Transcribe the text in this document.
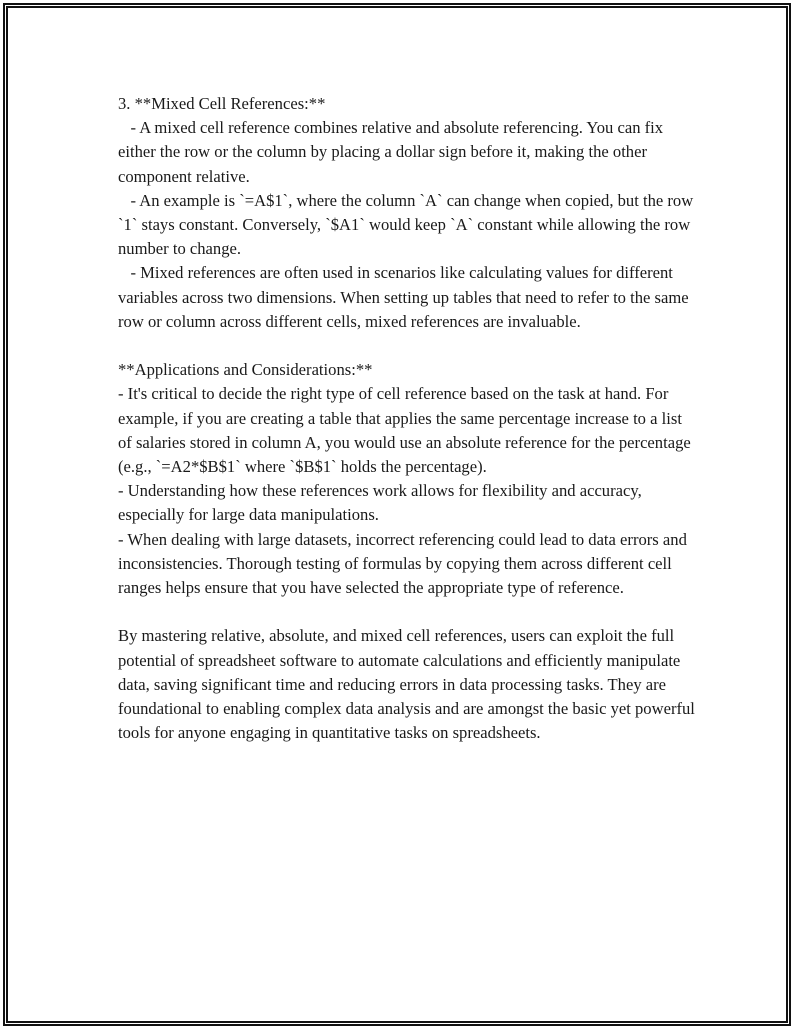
3. **Mixed Cell References:**
- A mixed cell reference combines relative and absolute referencing. You can fix either the row or the column by placing a dollar sign before it, making the other component relative.
- An example is `=A$1`, where the column `A` can change when copied, but the row `1` stays constant. Conversely, `$A1` would keep `A` constant while allowing the row number to change.
- Mixed references are often used in scenarios like calculating values for different variables across two dimensions. When setting up tables that need to refer to the same row or column across different cells, mixed references are invaluable.

**Applications and Considerations:**
- It's critical to decide the right type of cell reference based on the task at hand. For example, if you are creating a table that applies the same percentage increase to a list of salaries stored in column A, you would use an absolute reference for the percentage (e.g., `=A2*$B$1` where `$B$1` holds the percentage).
- Understanding how these references work allows for flexibility and accuracy, especially for large data manipulations.
- When dealing with large datasets, incorrect referencing could lead to data errors and inconsistencies. Thorough testing of formulas by copying them across different cell ranges helps ensure that you have selected the appropriate type of reference.

By mastering relative, absolute, and mixed cell references, users can exploit the full potential of spreadsheet software to automate calculations and efficiently manipulate data, saving significant time and reducing errors in data processing tasks. They are foundational to enabling complex data analysis and are amongst the basic yet powerful tools for anyone engaging in quantitative tasks on spreadsheets.
